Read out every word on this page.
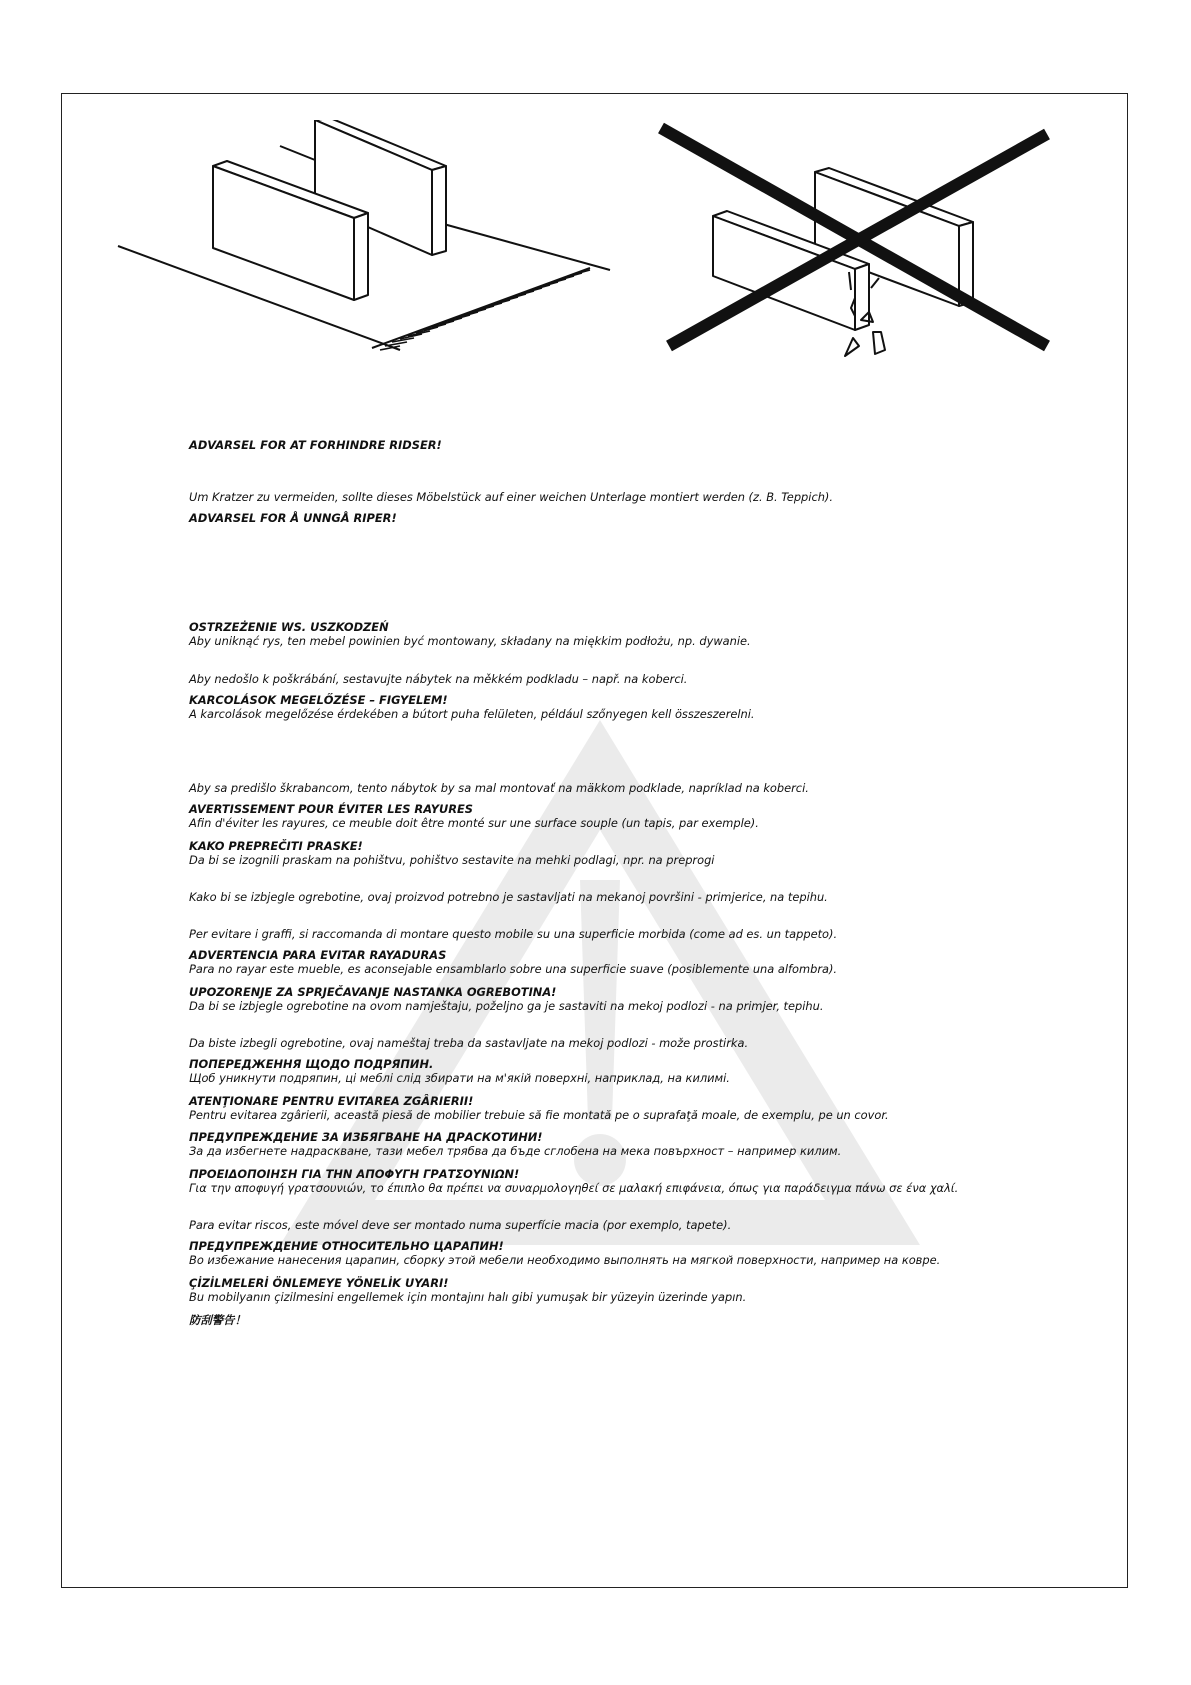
ADVARSEL FOR AT FORHINDRE RIDSER!
Um Kratzer zu vermeiden, sollte dieses Möbelstück auf einer weichen Unterlage montiert werden (z. B. Teppich).
ADVARSEL FOR Å UNNGÅ RIPER!
OSTRZEŻENIE WS. USZKODZEŃ
Aby uniknąć rys, ten mebel powinien być montowany, składany na miękkim podłożu, np. dywanie.
Aby nedošlo k poškrábání, sestavujte nábytek na měkkém podkladu – např. na koberci.
KARCOLÁSOK MEGELŐZÉSE – FIGYELEM!
A karcolások megelőzése érdekében a bútort puha felületen, például szőnyegen kell összeszerelni.
Aby sa predišlo škrabancom, tento nábytok by sa mal montovať na mäkkom podklade, napríklad na koberci.
AVERTISSEMENT POUR ÉVITER LES RAYURES
Afin d'éviter les rayures, ce meuble doit être monté sur une surface souple (un tapis, par exemple).
KAKO PREPREČITI PRASKE!
Da bi se izognili praskam na pohištvu, pohištvo sestavite na mehki podlagi, npr. na preprogi
Kako bi se izbjegle ogrebotine, ovaj proizvod potrebno je sastavljati na mekanoj površini - primjerice, na tepihu.
Per evitare i graffi, si raccomanda di montare questo mobile su una superficie morbida (come ad es. un tappeto).
ADVERTENCIA PARA EVITAR RAYADURAS
Para no rayar este mueble, es aconsejable ensamblarlo sobre una superficie suave (posiblemente una alfombra).
UPOZORENJE ZA SPRJEČAVANJE NASTANKA OGREBOTINA!
Da bi se izbjegle ogrebotine na ovom namještaju, poželjno ga je sastaviti na mekoj podlozi - na primjer, tepihu.
Da biste izbegli ogrebotine, ovaj nameštaj treba da sastavljate na mekoj podlozi - može prostirka.
ПОПЕРЕДЖЕННЯ ЩОДО ПОДРЯПИН.
Щоб уникнути подряпин, ці меблі слід збирати на м'якій поверхні, наприклад, на килимі.
ATENŢIONARE PENTRU EVITAREA ZGÂRIERII!
Pentru evitarea zgârierii, această piesă de mobilier trebuie să fie montată pe o suprafaţă moale, de exemplu, pe un covor.
ПРЕДУПРЕЖДЕНИЕ ЗА ИЗБЯГВАНЕ НА ДРАСКОТИНИ!
За да избегнете надраскване, тази мебел трябва да бъде сглобена на мека повърхност – например килим.
ΠΡΟΕΙΔΟΠΟΙΗΣΗ ΓΙΑ ΤΗΝ ΑΠΟΦΥΓΗ ΓΡΑΤΣΟΥΝΙΩΝ!
Για την αποφυγή γρατσουνιών, το έπιπλο θα πρέπει να συναρμολογηθεί σε μαλακή επιφάνεια, όπως για παράδειγμα πάνω σε ένα χαλί.
Para evitar riscos, este móvel deve ser montado numa superfície macia (por exemplo, tapete).
ПРЕДУПРЕЖДЕНИЕ ОТНОСИТЕЛЬНО ЦАРАПИН!
Во избежание нанесения царапин, сборку этой мебели необходимо выполнять на мягкой поверхности, например на ковре.
ÇİZİLMELERİ ÖNLEMEYE YÖNELİK UYARI!
Bu mobilyanın çizilmesini engellemek için montajını halı gibi yumuşak bir yüzeyin üzerinde yapın.
防刮警告！
